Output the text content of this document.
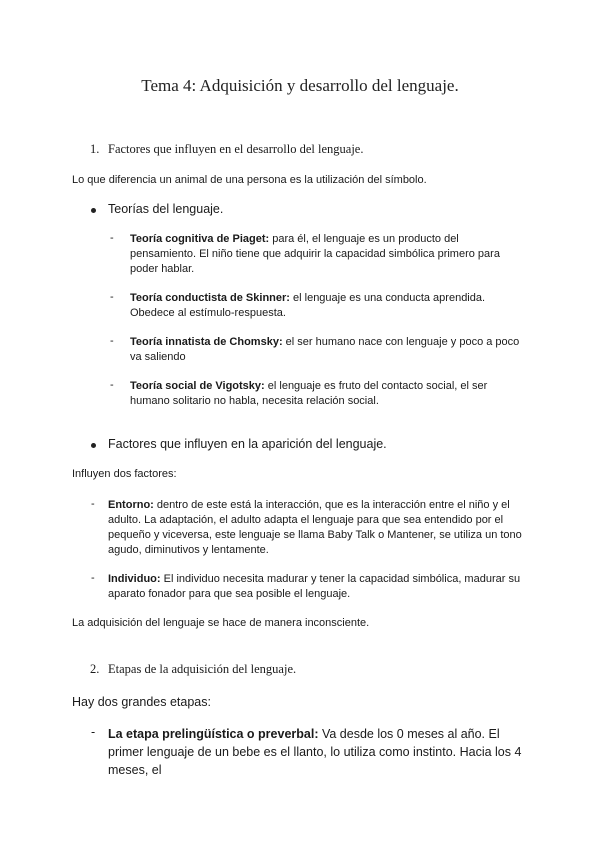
Tema 4: Adquisición y desarrollo del lenguaje.
1. Factores que influyen en el desarrollo del lenguaje.
Lo que diferencia un animal de una persona es la utilización del símbolo.
Teorías del lenguaje.
- Teoría cognitiva de Piaget: para él, el lenguaje es un producto del pensamiento. El niño tiene que adquirir la capacidad simbólica primero para poder hablar.
- Teoría conductista de Skinner: el lenguaje es una conducta aprendida. Obedece al estímulo-respuesta.
- Teoría innatista de Chomsky: el ser humano nace con lenguaje y poco a poco va saliendo
- Teoría social de Vigotsky: el lenguaje es fruto del contacto social, el ser humano solitario no habla, necesita relación social.
Factores que influyen en la aparición del lenguaje.
Influyen dos factores:
- Entorno: dentro de este está la interacción, que es la interacción entre el niño y el adulto. La adaptación, el adulto adapta el lenguaje para que sea entendido por el pequeño y viceversa, este lenguaje se llama Baby Talk o Mantener, se utiliza un tono agudo, diminutivos y lentamente.
- Individuo: El individuo necesita madurar y tener la capacidad simbólica, madurar su aparato fonador para que sea posible el lenguaje.
La adquisición del lenguaje se hace de manera inconsciente.
2. Etapas de la adquisición del lenguaje.
Hay dos grandes etapas:
- La etapa prelingüística o preverbal: Va desde los 0 meses al año. El primer lenguaje de un bebe es el llanto, lo utiliza como instinto. Hacia los 4 meses, el
